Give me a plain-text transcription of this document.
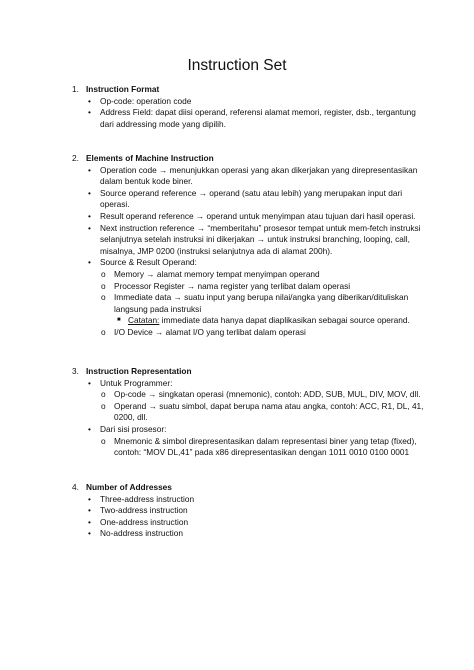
Instruction Set
1. Instruction Format
• Op-code: operation code
• Address Field: dapat diisi operand, referensi alamat memori, register, dsb., tergantung dari addressing mode yang dipilih.
2. Elements of Machine Instruction
• Operation code → menunjukkan operasi yang akan dikerjakan yang direpresentasikan dalam bentuk kode biner.
• Source operand reference → operand (satu atau lebih) yang merupakan input dari operasi.
• Result operand reference → operand untuk menyimpan atau tujuan dari hasil operasi.
• Next instruction reference → “memberitahu” prosesor tempat untuk mem-fetch instruksi selanjutnya setelah instruksi ini dikerjakan → untuk instruksi branching, looping, call, misalnya, JMP 0200 (instruksi selanjutnya ada di alamat 200h).
• Source & Result Operand:
o Memory → alamat memory tempat menyimpan operand
o Processor Register → nama register yang terlibat dalam operasi
o Immediate data → suatu input yang berupa nilai/angka yang diberikan/dituliskan langsung pada instruksi
■ Catatan: immediate data hanya dapat diaplikasikan sebagai source operand.
o I/O Device → alamat I/O yang terlibat dalam operasi
3. Instruction Representation
• Untuk Programmer:
o Op-code → singkatan operasi (mnemonic), contoh: ADD, SUB, MUL, DIV, MOV, dll.
o Operand → suatu simbol, dapat berupa nama atau angka, contoh: ACC, R1, DL, 41, 0200, dll.
• Dari sisi prosesor:
o Mnemonic & simbol direpresentasikan dalam representasi biner yang tetap (fixed), contoh: “MOV DL,41” pada x86 direpresentasikan dengan 1011 0010 0100 0001
4. Number of Addresses
• Three-address instruction
• Two-address instruction
• One-address instruction
• No-address instruction
